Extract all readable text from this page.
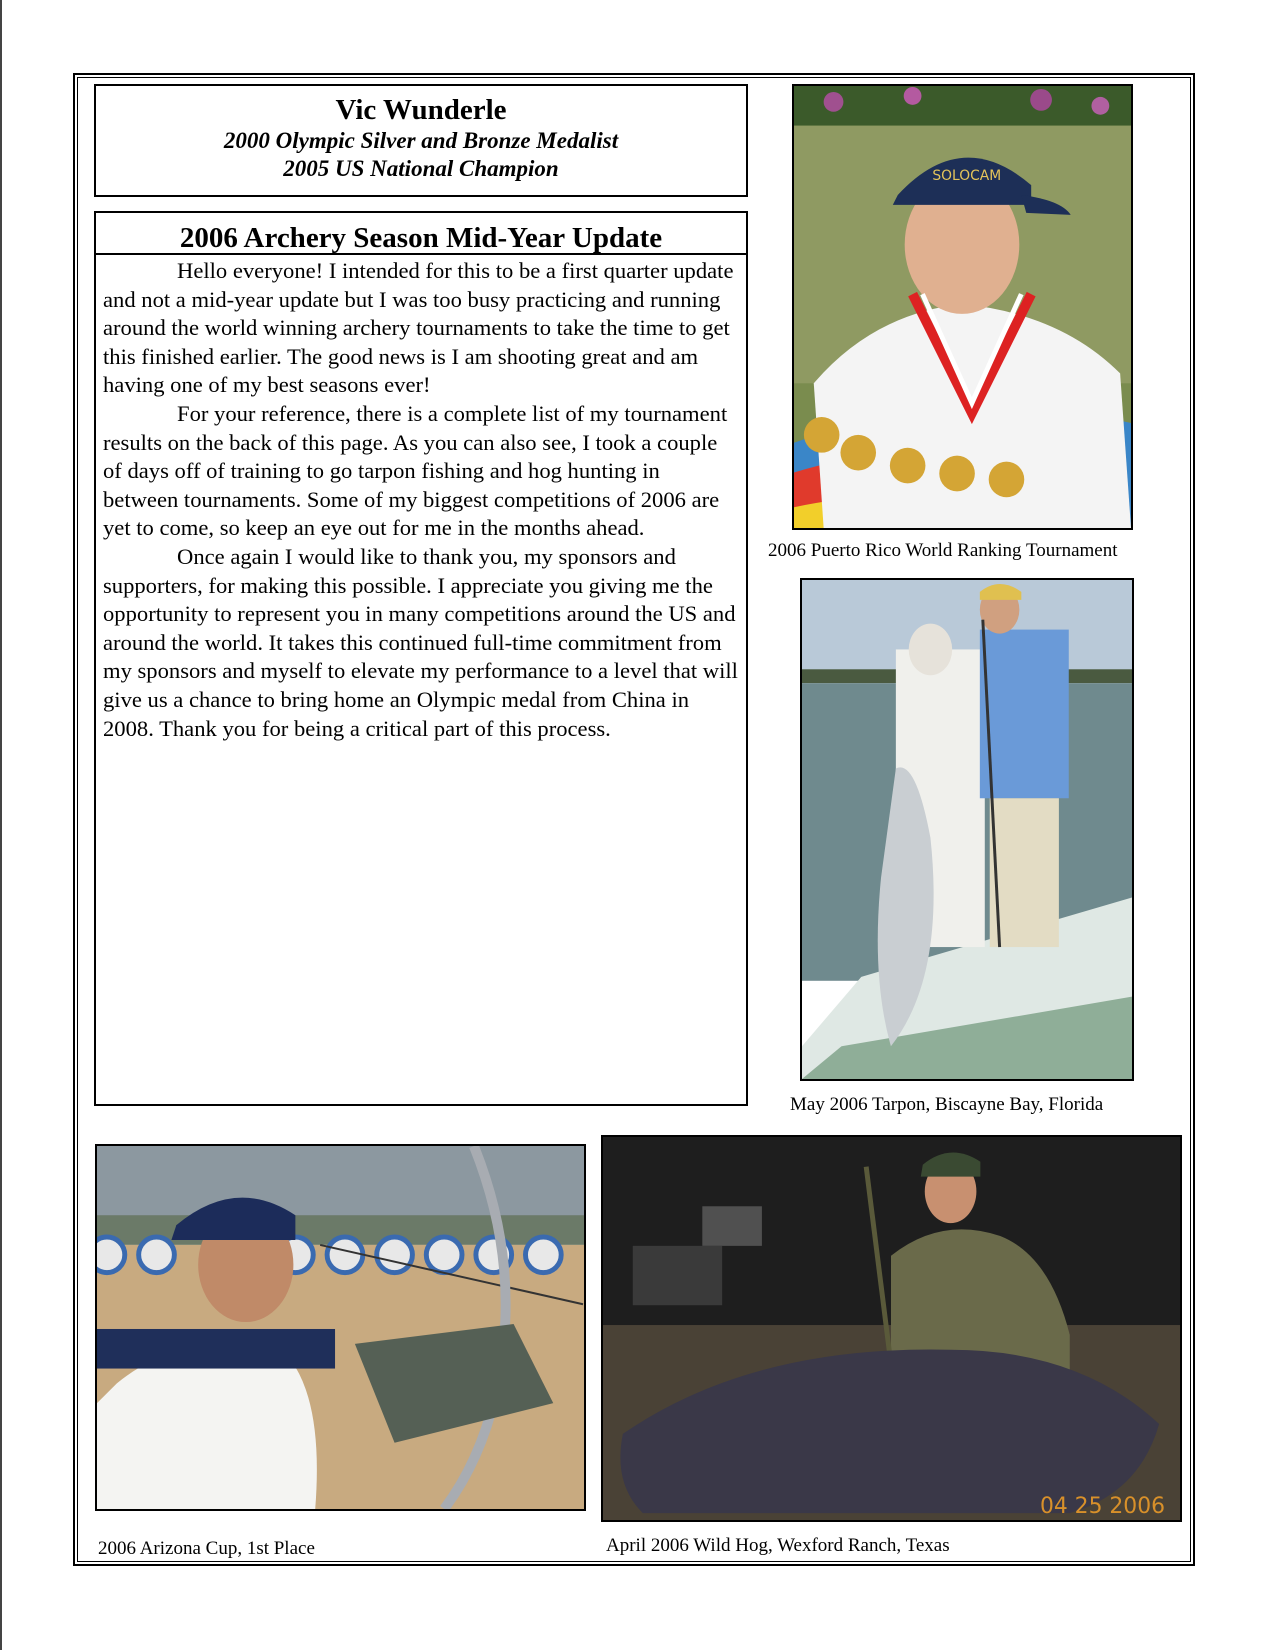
Vic Wunderle
2000 Olympic Silver and Bronze Medalist
2005 US National Champion
2006 Archery Season Mid-Year Update

Hello everyone! I intended for this to be a first quarter update and not a mid-year update but I was too busy practicing and running around the world winning archery tournaments to take the time to get this finished earlier. The good news is I am shooting great and am having one of my best seasons ever!

For your reference, there is a complete list of my tournament results on the back of this page. As you can also see, I took a couple of days off of training to go tarpon fishing and hog hunting in between tournaments. Some of my biggest competitions of 2006 are yet to come, so keep an eye out for me in the months ahead.

Once again I would like to thank you, my sponsors and supporters, for making this possible. I appreciate you giving me the opportunity to represent you in many competitions around the US and around the world. It takes this continued full-time commitment from my sponsors and myself to elevate my performance to a level that will give us a chance to bring home an Olympic medal from China in 2008. Thank you for being a critical part of this process.

SOLOCAM
2006 Puerto Rico World Ranking Tournament
May 2006 Tarpon, Biscayne Bay, Florida
2006 Arizona Cup, 1st Place
04 25 2006
April 2006 Wild Hog, Wexford Ranch, Texas
